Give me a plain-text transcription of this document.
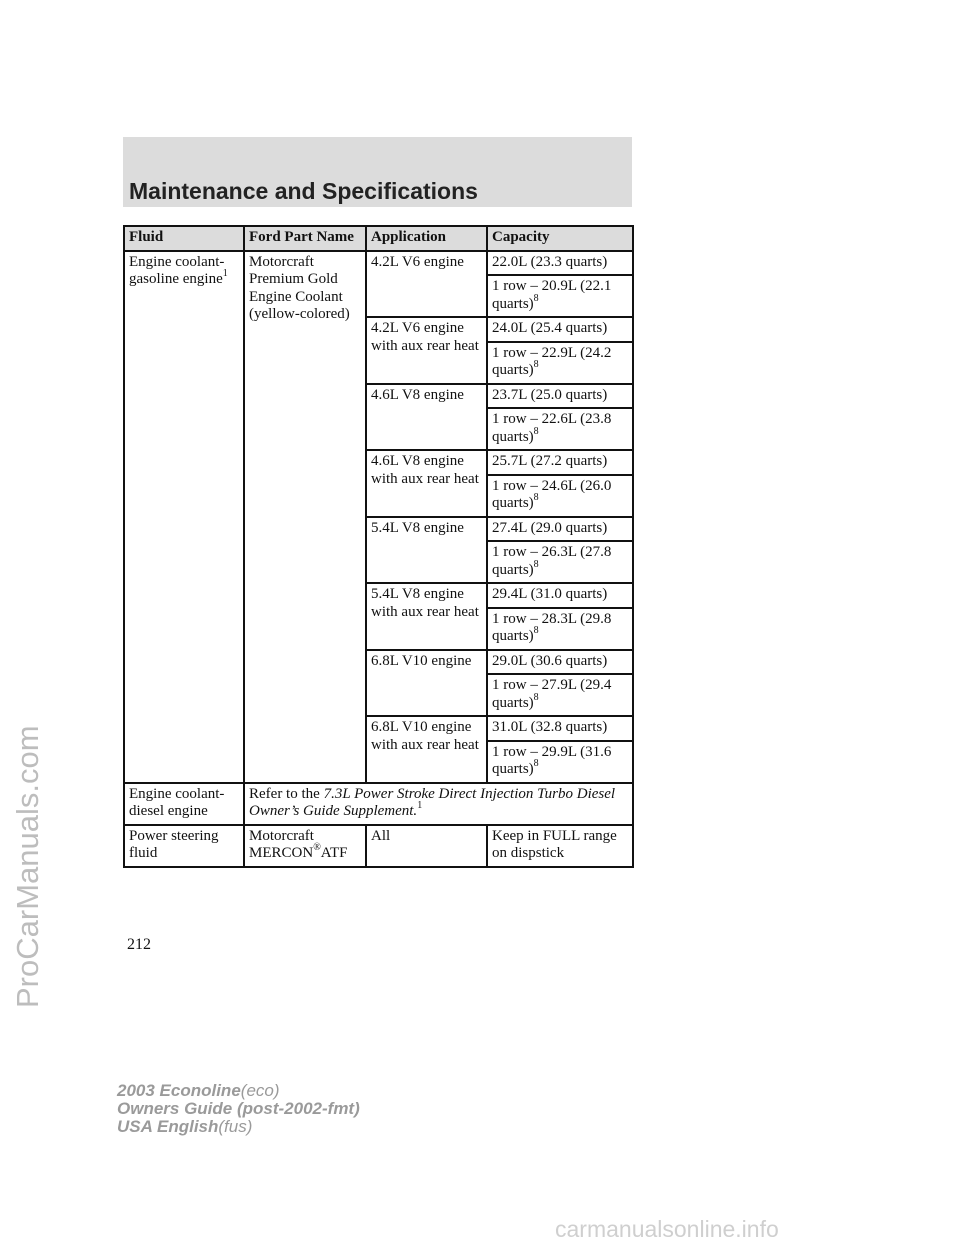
Maintenance and Specifications
Fluid	Ford Part Name	Application	Capacity
Engine coolant-gasoline engine$^1$	Motorcraft Premium Gold Engine Coolant (yellow-colored)	4.2L V6 engine	22.0L (23.3 quarts)
			1 row – 20.9L (22.1 quarts)$^8$
		4.2L V6 engine with aux rear heat	24.0L (25.4 quarts)
			1 row – 22.9L (24.2 quarts)$^8$
		4.6L V8 engine	23.7L (25.0 quarts)
			1 row – 22.6L (23.8 quarts)$^8$
		4.6L V8 engine with aux rear heat	25.7L (27.2 quarts)
			1 row – 24.6L (26.0 quarts)$^8$
		5.4L V8 engine	27.4L (29.0 quarts)
			1 row – 26.3L (27.8 quarts)$^8$
		5.4L V8 engine with aux rear heat	29.4L (31.0 quarts)
			1 row – 28.3L (29.8 quarts)$^8$
		6.8L V10 engine	29.0L (30.6 quarts)
			1 row – 27.9L (29.4 quarts)$^8$
		6.8L V10 engine with aux rear heat	31.0L (32.8 quarts)
			1 row – 29.9L (31.6 quarts)$^8$
Engine coolant-diesel engine	Refer to the 7.3L Power Stroke Direct Injection Turbo Diesel Owner’s Guide Supplement.$^1$
Power steering fluid	Motorcraft MERCON®ATF	All	Keep in FULL range on dispstick
212
2003 Econoline(eco)
Owners Guide (post-2002-fmt)
USA English(fus)
ProCarManuals.com
carmanualsonline.info
